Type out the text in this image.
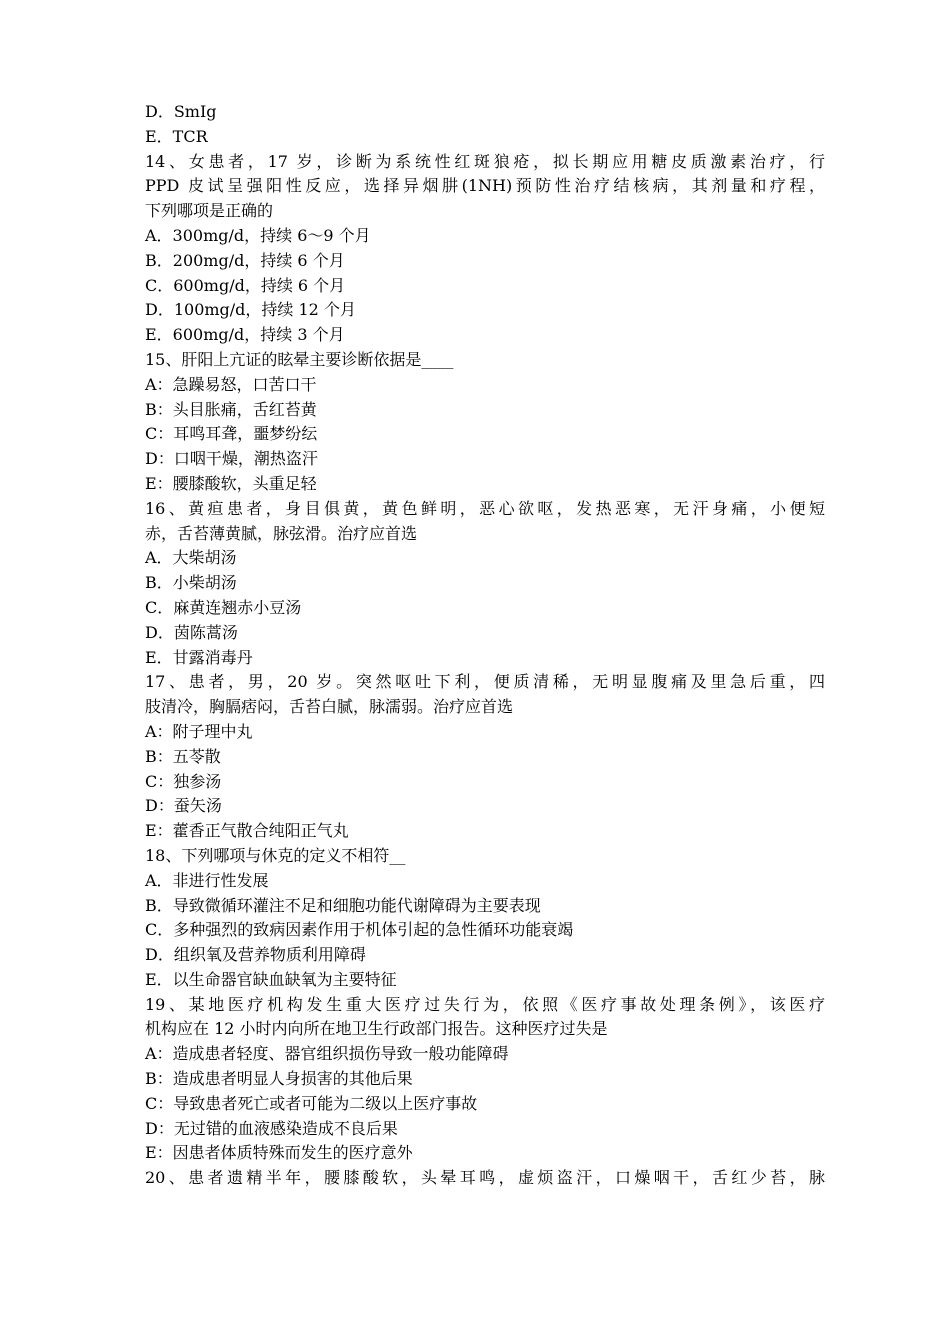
D．SmIg
E．TCR
14、女患者，17 岁，诊断为系统性红斑狼疮，拟长期应用糖皮质激素治疗，行
PPD 皮试呈强阳性反应，选择异烟肼(1NH)预防性治疗结核病，其剂量和疗程，
下列哪项是正确的
A．300mg/d，持续 6～9 个月
B．200mg/d，持续 6 个月
C．600mg/d，持续 6 个月
D．100mg/d，持续 12 个月
E．600mg/d，持续 3 个月
15、肝阳上亢证的眩晕主要诊断依据是____
A：急躁易怒，口苦口干
B：头目胀痛，舌红苔黄
C：耳鸣耳聋，噩梦纷纭
D：口咽干燥，潮热盗汗
E：腰膝酸软，头重足轻
16、黄疸患者，身目俱黄，黄色鲜明，恶心欲呕，发热恶寒，无汗身痛，小便短
赤，舌苔薄黄腻，脉弦滑。治疗应首选
A．大柴胡汤
B．小柴胡汤
C．麻黄连翘赤小豆汤
D．茵陈蒿汤
E．甘露消毒丹
17、患者，男，20 岁。突然呕吐下利，便质清稀，无明显腹痛及里急后重，四
肢清冷，胸膈痞闷，舌苔白腻，脉濡弱。治疗应首选
A：附子理中丸
B：五苓散
C：独参汤
D：蚕矢汤
E：藿香正气散合纯阳正气丸
18、下列哪项与休克的定义不相符__
A．非进行性发展
B．导致微循环灌注不足和细胞功能代谢障碍为主要表现
C．多种强烈的致病因素作用于机体引起的急性循环功能衰竭
D．组织氧及营养物质利用障碍
E．以生命器官缺血缺氧为主要特征
19、某地医疗机构发生重大医疗过失行为，依照《医疗事故处理条例》，该医疗
机构应在 12 小时内向所在地卫生行政部门报告。这种医疗过失是
A：造成患者轻度、器官组织损伤导致一般功能障碍
B：造成患者明显人身损害的其他后果
C：导致患者死亡或者可能为二级以上医疗事故
D：无过错的血液感染造成不良后果
E：因患者体质特殊而发生的医疗意外
20、患者遗精半年，腰膝酸软，头晕耳鸣，虚烦盗汗，口燥咽干，舌红少苔，脉
